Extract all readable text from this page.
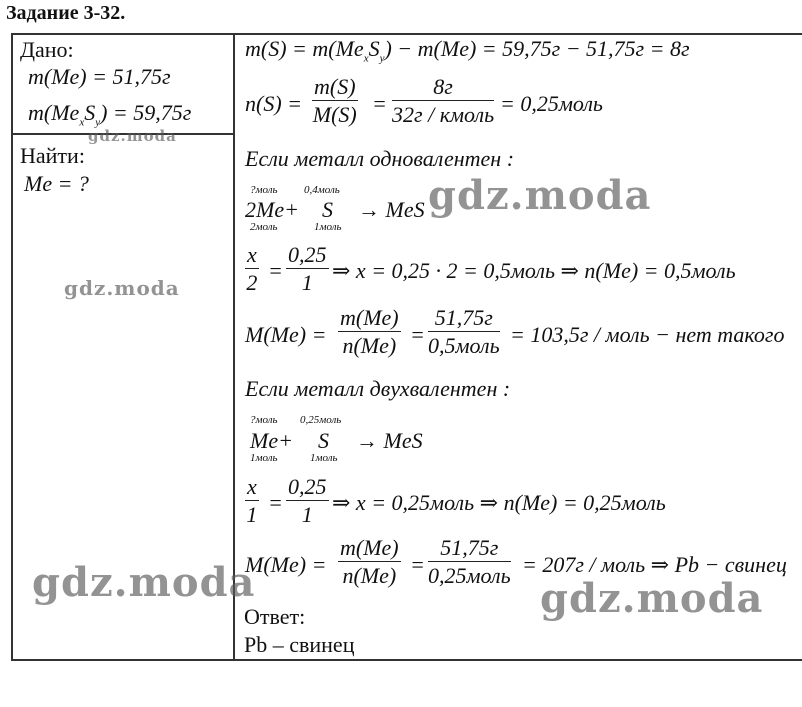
Задание 3-32.
Дано:
m(Me) = 51,75г
$m(Me_xS_y) = 59,75г$
Найти:
Me = ?
$m(S) = m(Me_xS_y) - m(Me) = 59,75г - 51,75г = 8г$
$n(S) = \frac{m(S)}{M(S)}$ =
8г
32г / кмоль = 0,25моль
Если металл одновалентен :
?моль 0,4моль
2Me+ S → MeS
2моль	1моль
$\frac{x}{2} = \frac{0,25}{1}$ ⇒ x = 0,25 · 2 = 0,5моль ⇒ n(Me) = 0,5моль
$M(Me) = \frac{m(Me)}{n(Me)}$ =
51,75г
0,5моль = 103,5г / моль − нет такого
Если металл двухвалентен :
?моль 0,25моль
Me+ S → MeS
1моль	1моль
$\frac{x}{1} = \frac{0,25}{1}$ ⇒ x = 0,25моль ⇒ n(Me) = 0,25моль
$M(Me) = \frac{m(Me)}{n(Me)}$ =
51,75г
0,25моль = 207г / моль ⇒ Pb − свинец
Ответ:
Pb – свинец
gdz.moda
gdz.moda
gdz.moda
gdz.moda	gdz.moda
